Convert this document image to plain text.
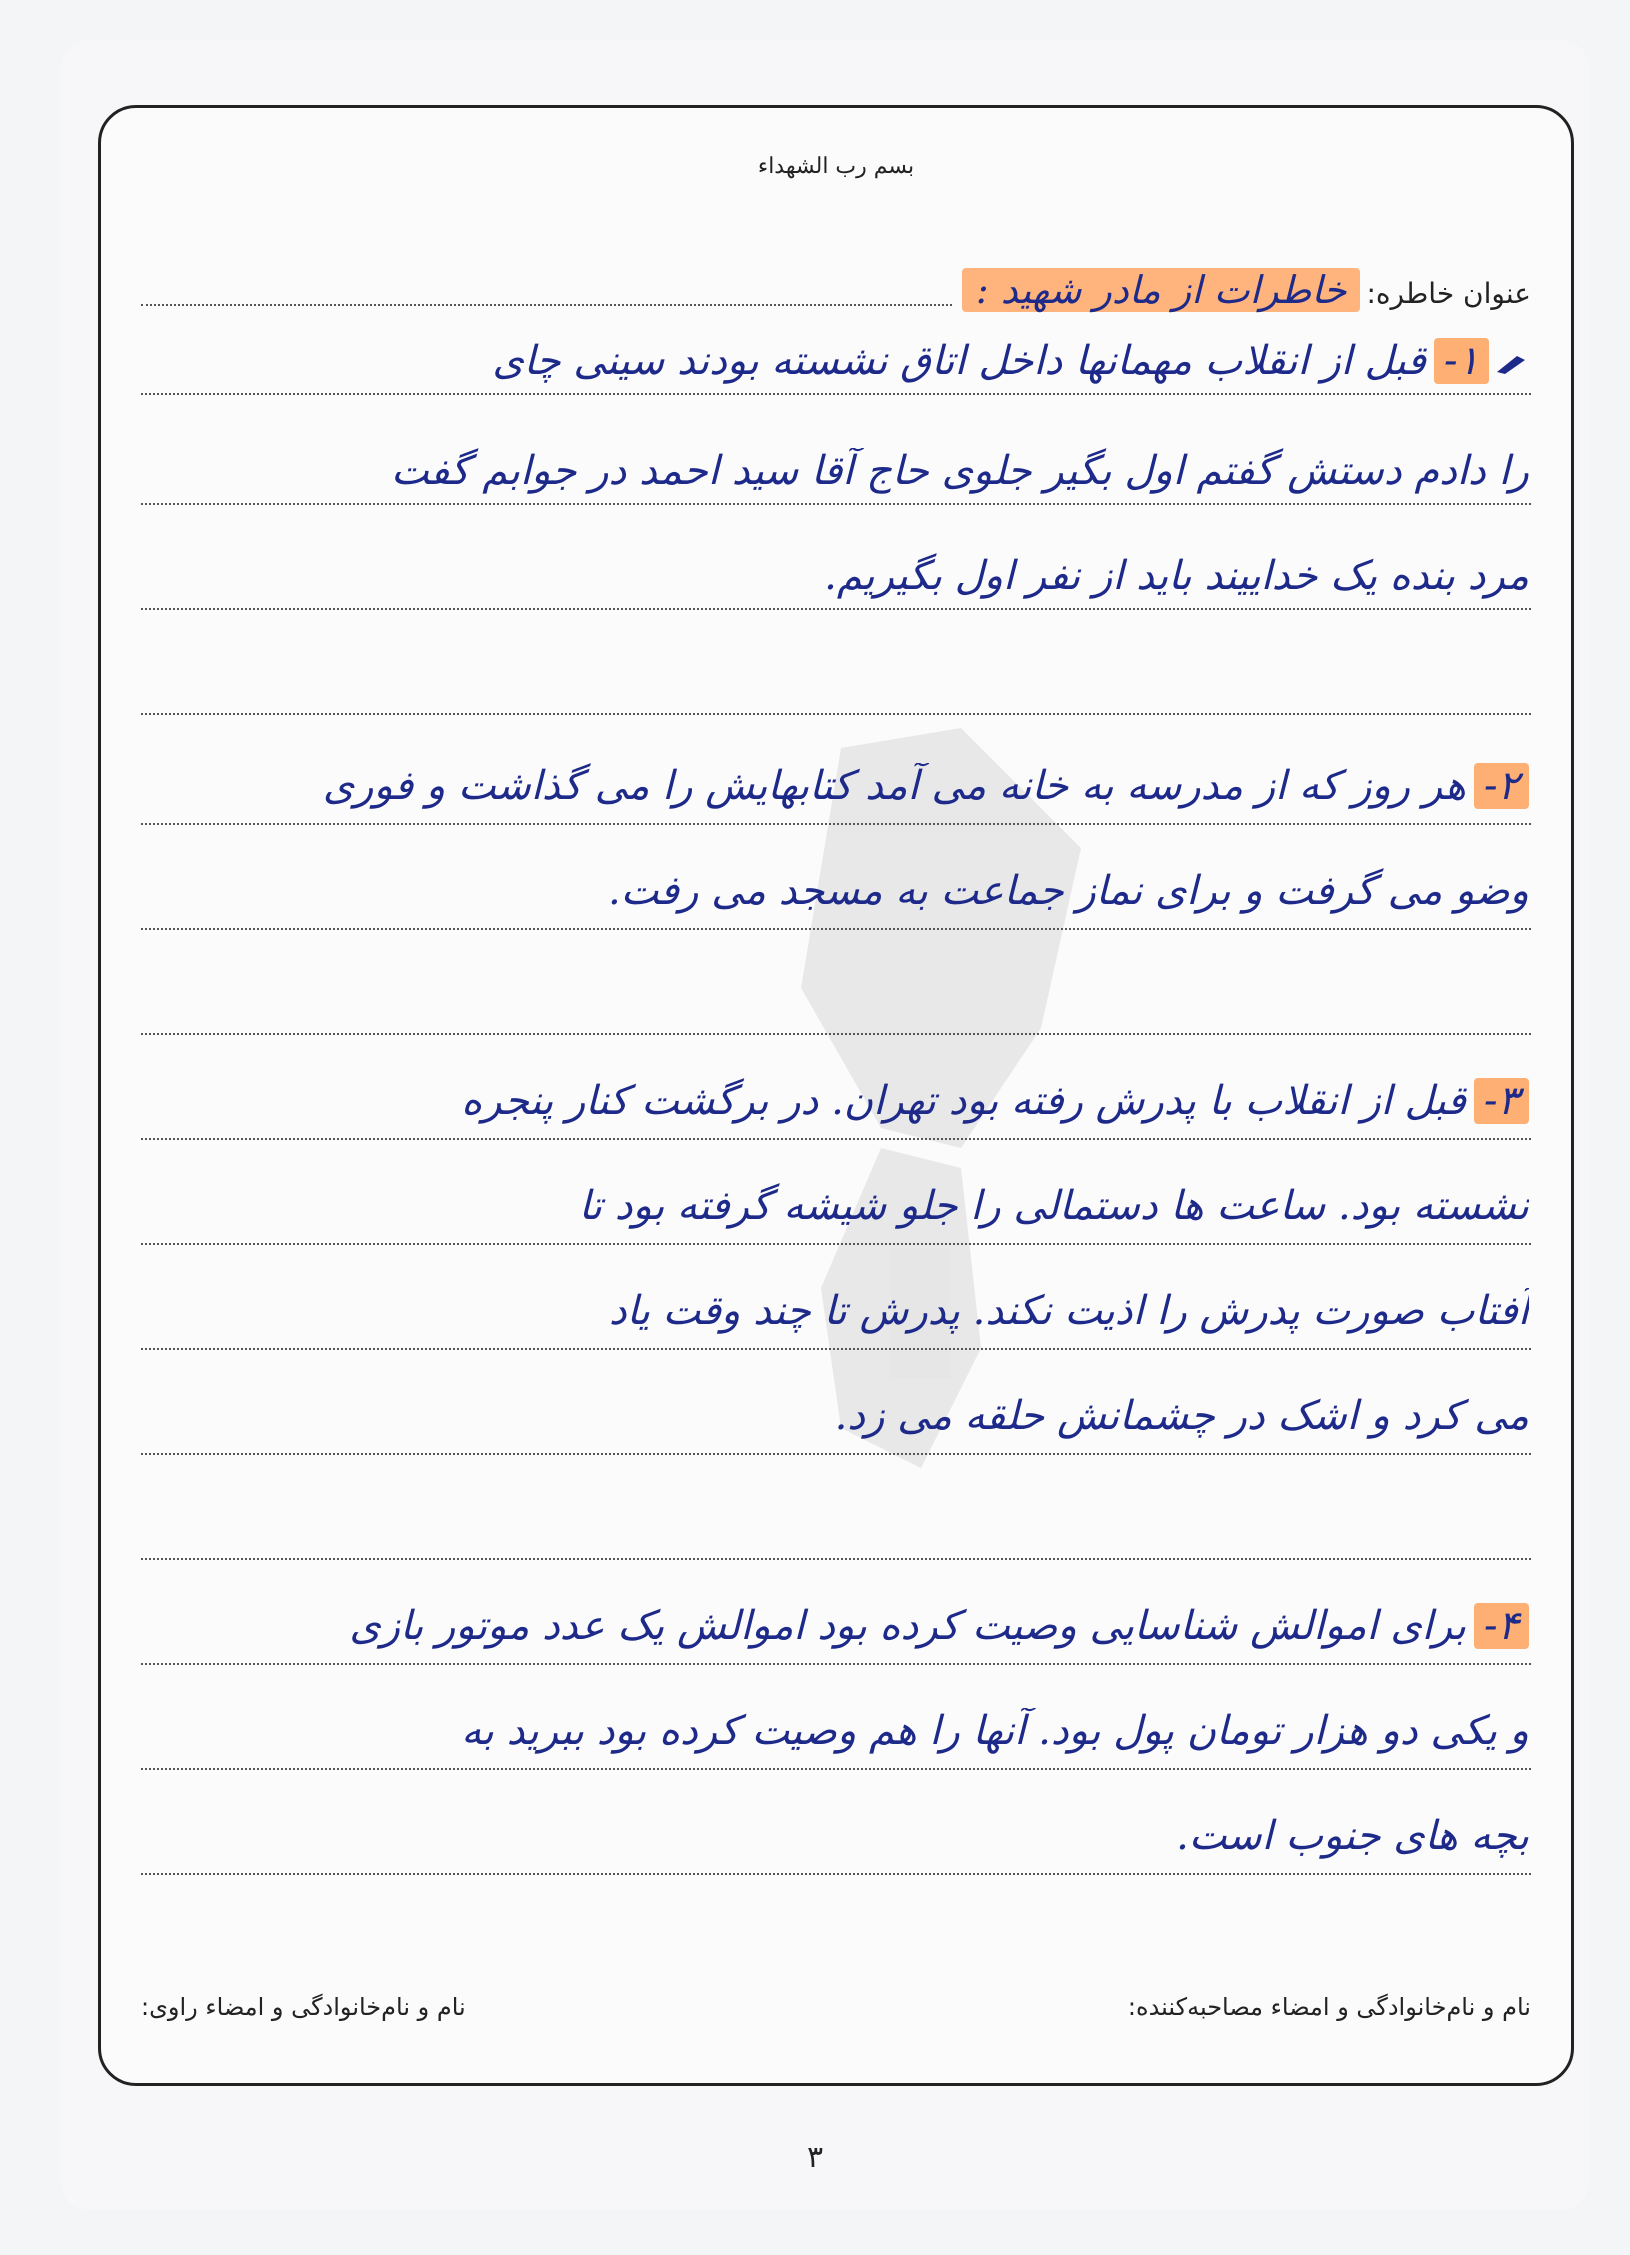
بسم رب الشهداء
عنوان خاطره:
خاطرات از مادر شهید :
۱-قبل از انقلاب مهمانها داخل اتاق نشسته بودند سینی چای
را دادم دستش گفتم اول بگیر جلوی حاج آقا سید احمد در جوابم گفت
مرد بنده یک خداییند باید از نفر اول بگیریم.
۲-هر روز که از مدرسه به خانه می آمد کتابهایش را می گذاشت و فوری
وضو می گرفت و برای نماز جماعت به مسجد می رفت.
۳-قبل از انقلاب با پدرش رفته بود تهران. در برگشت کنار پنجره
نشسته بود. ساعت ها دستمالی را جلو شیشه گرفته بود تا
آفتاب صورت پدرش را اذیت نکند. پدرش تا چند وقت یاد
می کرد و اشک در چشمانش حلقه می زد.
۴-برای اموالش شناسایی وصیت کرده بود اموالش یک عدد موتور بازی
و یکی دو هزار تومان پول بود. آنها را هم وصیت کرده بود ببرید به
بچه های جنوب است.
نام و نام‌خانوادگی و امضاء مصاحبه‌کننده:
نام و نام‌خانوادگی و امضاء راوی:
۳
